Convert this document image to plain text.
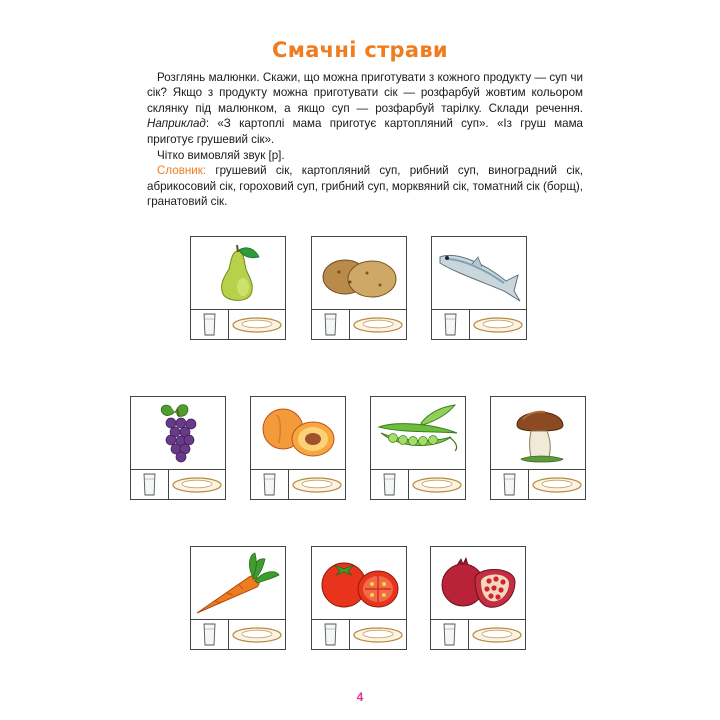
Смачні страви

Розглянь малюнки. Скажи, що можна приготувати з кожного продукту — суп чи сік? Якщо з продукту можна приготувати сік — розфарбуй жовтим кольором склянку під малюнком, а якщо суп — розфарбуй тарілку. Склади речення. Наприклад: «З картоплі мама приготує картопляний суп». «Із груш мама приготує грушевий сік».

Чітко вимовляй звук [р].

Словник: грушевий сік, картопляний суп, рибний суп, виноградний сік, абрикосовий сік, гороховий суп, грибний суп, морквяний сік, томатний сік (борщ), гранатовий сік.

4
